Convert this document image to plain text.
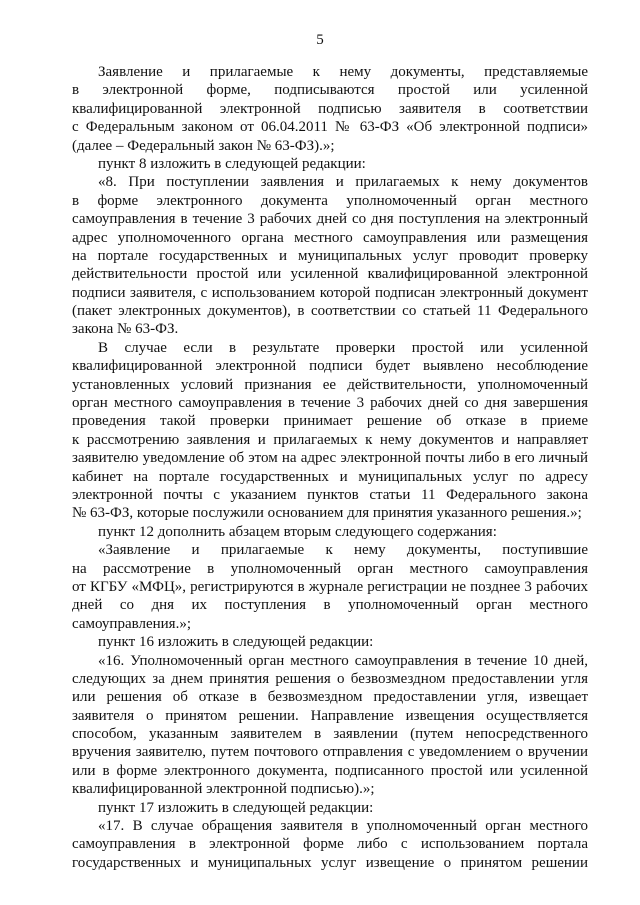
5
Заявление и прилагаемые к нему документы, представляемые
в электронной форме, подписываются простой или усиленной
квалифицированной электронной подписью заявителя в соответствии
с Федеральным законом от 06.04.2011 № 63-ФЗ «Об электронной подписи»
(далее – Федеральный закон № 63-ФЗ).»;
пункт 8 изложить в следующей редакции:
«8. При поступлении заявления и прилагаемых к нему документов
в форме электронного документа уполномоченный орган местного
самоуправления в течение 3 рабочих дней со дня поступления на электронный
адрес уполномоченного органа местного самоуправления или размещения
на портале государственных и муниципальных услуг проводит проверку
действительности простой или усиленной квалифицированной электронной
подписи заявителя, с использованием которой подписан электронный документ
(пакет электронных документов), в соответствии со статьей 11 Федерального
закона № 63-ФЗ.
В случае если в результате проверки простой или усиленной
квалифицированной электронной подписи будет выявлено несоблюдение
установленных условий признания ее действительности, уполномоченный
орган местного самоуправления в течение 3 рабочих дней со дня завершения
проведения такой проверки принимает решение об отказе в приеме
к рассмотрению заявления и прилагаемых к нему документов и направляет
заявителю уведомление об этом на адрес электронной почты либо в его личный
кабинет на портале государственных и муниципальных услуг по адресу
электронной почты с указанием пунктов статьи 11 Федерального закона
№ 63-ФЗ, которые послужили основанием для принятия указанного решения.»;
пункт 12 дополнить абзацем вторым следующего содержания:
«Заявление и прилагаемые к нему документы, поступившие
на рассмотрение в уполномоченный орган местного самоуправления
от КГБУ «МФЦ», регистрируются в журнале регистрации не позднее 3 рабочих
дней со дня их поступления в уполномоченный орган местного
самоуправления.»;
пункт 16 изложить в следующей редакции:
«16. Уполномоченный орган местного самоуправления в течение 10 дней,
следующих за днем принятия решения о безвозмездном предоставлении угля
или решения об отказе в безвозмездном предоставлении угля, извещает
заявителя о принятом решении. Направление извещения осуществляется
способом, указанным заявителем в заявлении (путем непосредственного
вручения заявителю, путем почтового отправления с уведомлением о вручении
или в форме электронного документа, подписанного простой или усиленной
квалифицированной электронной подписью).»;
пункт 17 изложить в следующей редакции:
«17. В случае обращения заявителя в уполномоченный орган местного
самоуправления в электронной форме либо с использованием портала
государственных и муниципальных услуг извещение о принятом решении
